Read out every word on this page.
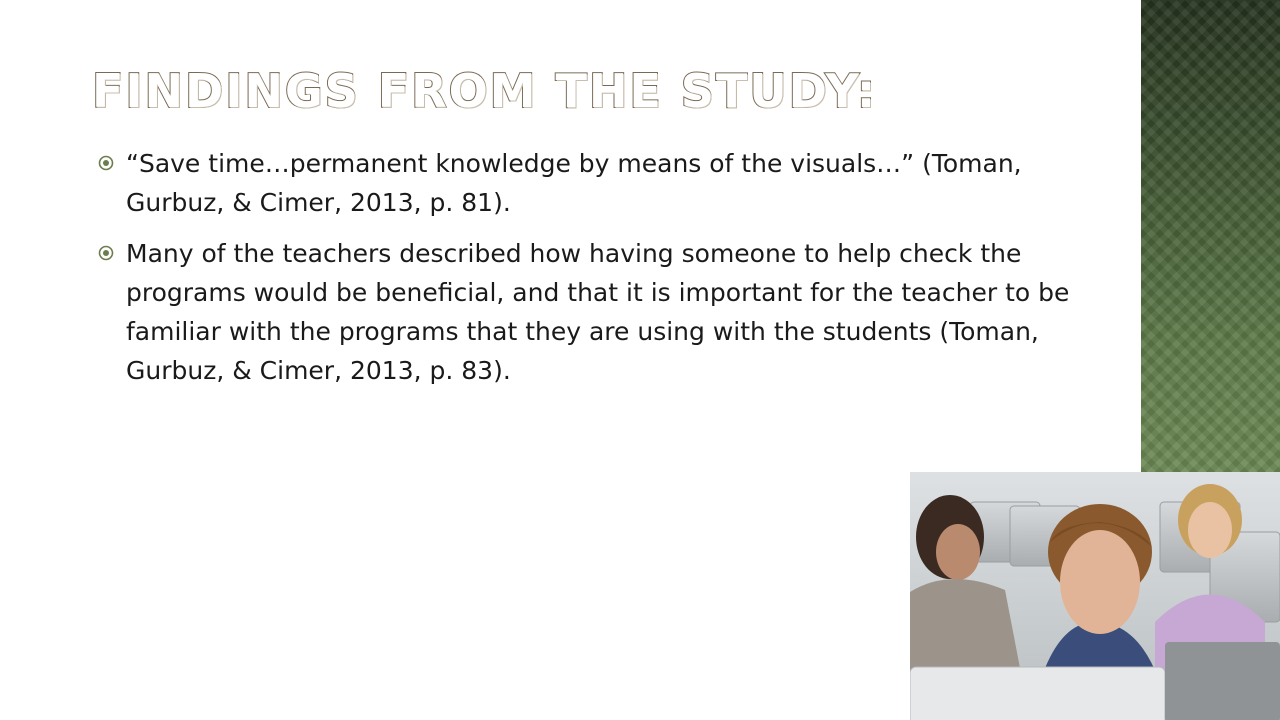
FINDINGS FROM THE STUDY:
“Save time…permanent knowledge by means of the visuals…” (Toman, Gurbuz, & Cimer, 2013, p. 81).
Many of the teachers described how having someone to help check the programs would be beneficial, and that it is important for the teacher to be familiar with the programs that they are using with the students (Toman, Gurbuz, & Cimer, 2013, p. 83).
